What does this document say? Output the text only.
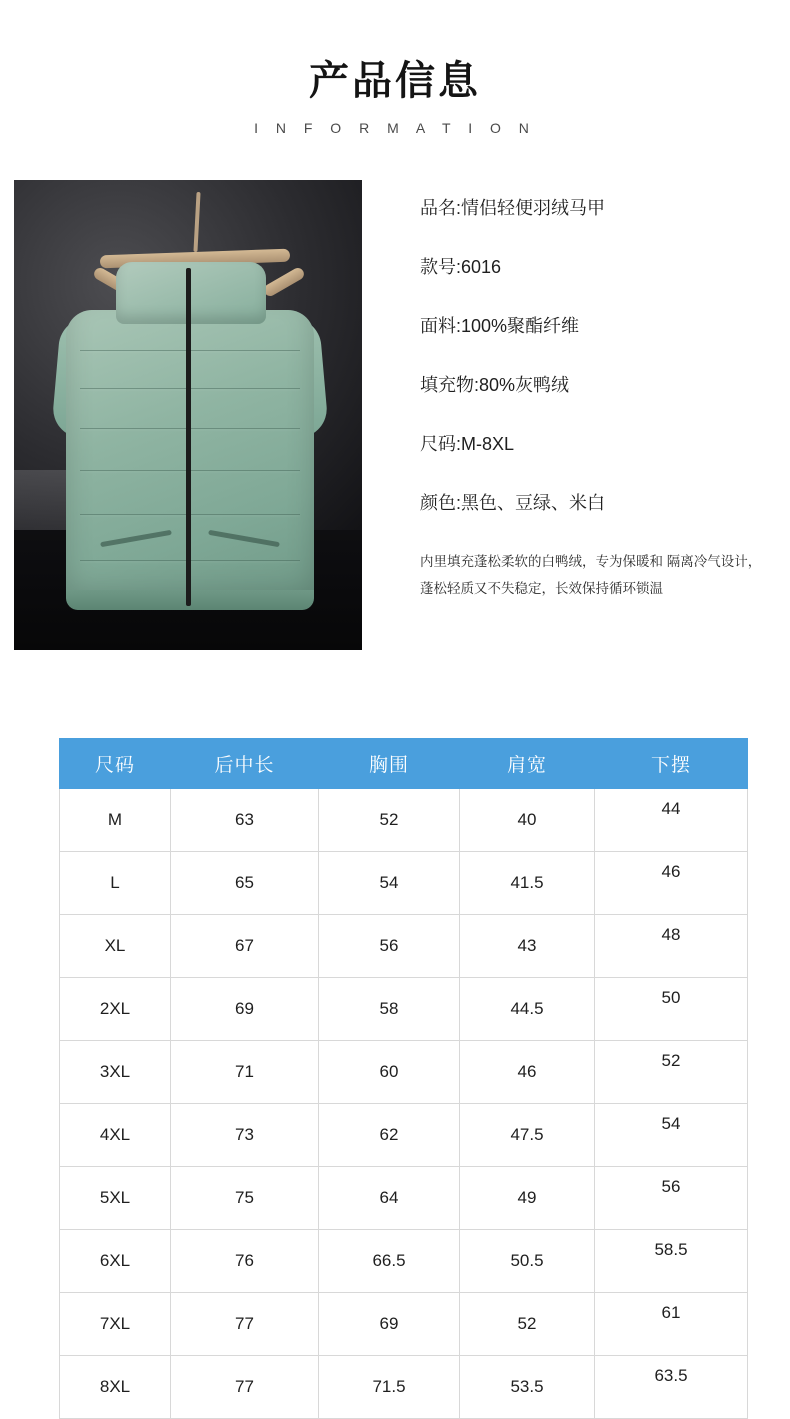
产品信息
I N F O R M A T I O N
品名:情侣轻便羽绒马甲
款号:6016
面料:100%聚酯纤维
填充物:80%灰鸭绒
尺码:M-8XL
颜色:黑色、豆绿、米白
内里填充蓬松柔软的白鸭绒，专为保暖和 隔离冷气设计，
蓬松轻质又不失稳定，长效保持循环锁温
尺码	后中长	胸围	肩宽	下摆
M	63	52	40	44
L	65	54	41.5	46
XL	67	56	43	48
2XL	69	58	44.5	50
3XL	71	60	46	52
4XL	73	62	47.5	54
5XL	75	64	49	56
6XL	76	66.5	50.5	58.5
7XL	77	69	52	61
8XL	77	71.5	53.5	63.5
